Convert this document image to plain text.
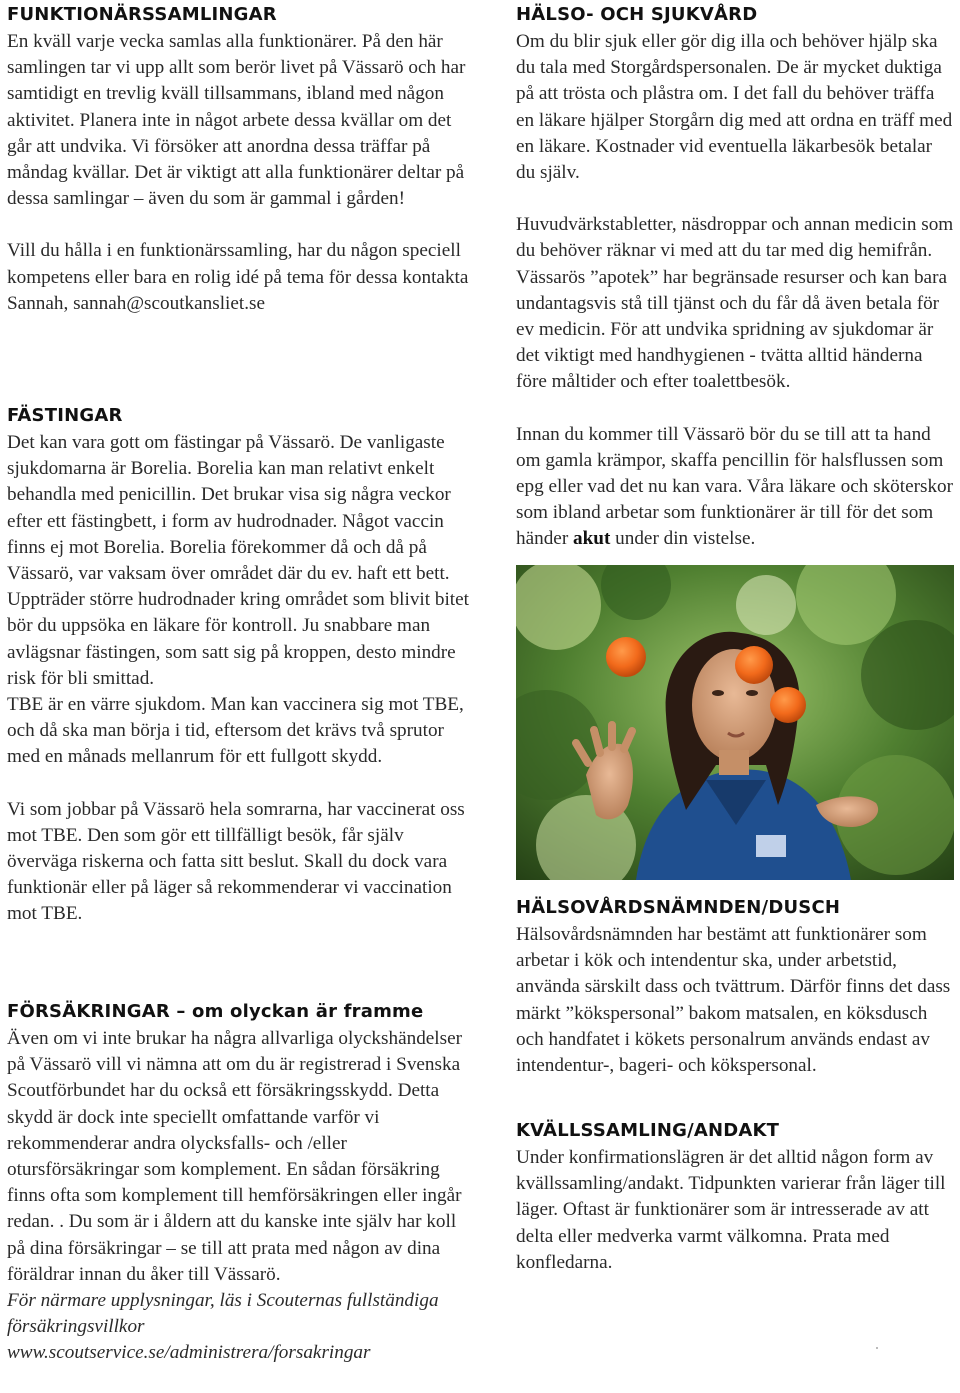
FUNKTIONÄRSSAMLINGAR

En kväll varje vecka samlas alla funktionärer. På den här samlingen tar vi upp allt som berör livet på Vässarö och har samtidigt en trevlig kväll tillsammans, ibland med någon aktivitet. Planera inte in något arbete dessa kvällar om det går att undvika. Vi försöker att anordna dessa träffar på måndag kvällar. Det är viktigt att alla funktionärer deltar på dessa samlingar – även du som är gammal i gården!

Vill du hålla i en funktionärssamling, har du någon speciell kompetens eller bara en rolig idé på tema för dessa kontakta Sannah, sannah@scoutkansliet.se

FÄSTINGAR

Det kan vara gott om fästingar på Vässarö. De vanligaste sjukdomarna är Borelia. Borelia kan man relativt enkelt behandla med penicillin. Det brukar visa sig några veckor efter ett fästingbett, i form av hudrodnader. Något vaccin finns ej mot Borelia. Borelia förekommer då och då på Vässarö, var vaksam över området där du ev. haft ett bett. Uppträder större hudrodnader kring området som blivit bitet bör du uppsöka en läkare för kontroll. Ju snabbare man avlägsnar fästingen, som satt sig på kroppen, desto mindre risk för bli smittad.

TBE är en värre sjukdom. Man kan vaccinera sig mot TBE, och då ska man börja i tid, eftersom det krävs två sprutor med en månads mellanrum för ett fullgott skydd.

Vi som jobbar på Vässarö hela somrarna, har vaccinerat oss mot TBE. Den som gör ett tillfälligt besök, får själv överväga riskerna och fatta sitt beslut. Skall du dock vara funktionär eller på läger så rekommenderar vi vaccination mot TBE.

FÖRSÄKRINGAR – om olyckan är framme

Även om vi inte brukar ha några allvarliga olyckshändelser på Vässarö vill vi nämna att om du är registrerad i Svenska Scoutförbundet har du också ett försäkringsskydd. Detta skydd är dock inte speciellt omfattande varför vi rekommenderar andra olycksfalls- och /eller otursförsäkringar som komplement. En sådan försäkring finns ofta som komplement till hemförsäkringen eller ingår redan. . Du som är i åldern att du kanske inte själv har koll på dina försäkringar – se till att prata med någon av dina föräldrar innan du åker till Vässarö.

För närmare upplysningar, läs i Scouternas fullständiga försäkringsvillkor www.scoutservice.se/administrera/forsakringar

HÄLSO- OCH SJUKVÅRD

Om du blir sjuk eller gör dig illa och behöver hjälp ska du tala med Storgårdspersonalen. De är mycket duktiga på att trösta och plåstra om. I det fall du behöver träffa en läkare hjälper Storgårn dig med att ordna en träff med en läkare. Kostnader vid eventuella läkarbesök betalar du själv.

Huvudvärkstabletter, näsdroppar och annan medicin som du behöver räknar vi med att du tar med dig hemifrån. Vässarös ”apotek” har begränsade resurser och kan bara undantagsvis stå till tjänst och du får då även betala för ev medicin. För att undvika spridning av sjukdomar är det viktigt med handhygienen - tvätta alltid händerna före måltider och efter toalettbesök.

Innan du kommer till Vässarö bör du se till att ta hand om gamla krämpor, skaffa pencillin för halsflussen som epg eller vad det nu kan vara. Våra läkare och sköterskor som ibland arbetar som funktionärer är till för det som händer akut under din vistelse.

HÄLSOVÅRDSNÄMNDEN/DUSCH

Hälsovårdsnämnden har bestämt att funktionärer som arbetar i kök och intendentur ska, under arbetstid, använda särskilt dass och tvättrum. Därför finns det dass märkt ”kökspersonal” bakom matsalen, en köksdusch och handfatet i kökets personalrum används endast av intendentur-, bageri- och kökspersonal.

KVÄLLSSAMLING/ANDAKT

Under konfirmationslägren är det alltid någon form av kvällssamling/andakt. Tidpunkten varierar från läger till läger. Oftast är funktionärer som är intresserade av att delta eller medverka varmt välkomna. Prata med konfledarna.
